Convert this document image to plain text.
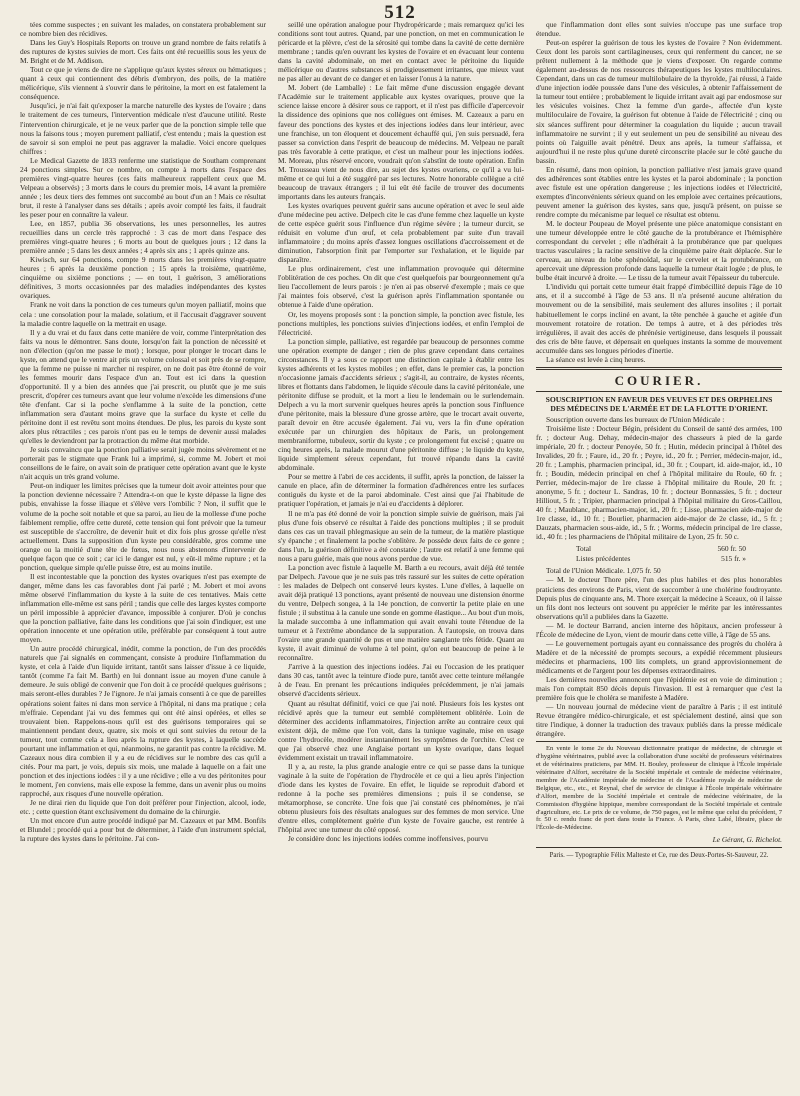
512

tées comme suspectes ; en suivant les malades, on constatera probablement sur ce nombre bien des récidives.

Dans les Guy's Hospitals Reports on trouve un grand nombre de faits relatifs à des ruptures de kystes suivies de mort. Ces faits ont été recueillis sous les yeux de M. Bright et de M. Addison.

Tout ce que je viens de dire ne s'applique qu'aux kystes séreux ou hématiques ; quant à ceux qui contiennent des débris d'embryon, des poils, de la matière mélicérique, s'ils viennent à s'ouvrir dans le péritoine, la mort en est fatalement la conséquence.

Jusqu'ici, je n'ai fait qu'exposer la marche naturelle des kystes de l'ovaire ; dans le traitement de ces tumeurs, l'intervention médicale n'est d'aucune utilité. Reste l'intervention chirurgicale, et je ne veux parler que de la ponction simple telle que nous la faisons tous ; moyen purement palliatif, c'est entendu ; mais la question est de savoir si son emploi ne peut pas aggraver la maladie. Voici encore quelques chiffres :

Le Medical Gazette de 1833 renferme une statistique de Southam comprenant 24 ponctions simples. Sur ce nombre, on compte à morts dans l'espace des premières vingt-quatre heures (ces faits malheureux rappellent ceux que M. Velpeau a observés) ; 3 morts dans le cours du premier mois, 14 avant la première année ; les deux tiers des femmes ont succombé au bout d'un an ! Mais ce résultat brut, il reste à l'analyser dans ses détails ; après avoir compté les faits, il faudrait les peser pour en connaître la valeur.

Lee, en 1857, publia 36 observations, les unes personnelles, les autres recueillies dans un cercle très rapproché : 3 cas de mort dans l'espace des premières vingt-quatre heures ; 6 morts au bout de quelques jours ; 12 dans la première année ; 5 dans les deux années ; 4 après six ans ; 1 après quinze ans.

Kiwisch, sur 64 ponctions, compte 9 morts dans les premières vingt-quatre heures ; 6 après la deuxième ponction ; 15 après la troisième, quatrième, cinquième ou sixième ponctions ; — en tout, 1 guérison, 3 améliorations définitives, 3 morts occasionnées par des maladies indépendantes des kystes ovariques.

Frank ne voit dans la ponction de ces tumeurs qu'un moyen palliatif, moins que cela : une consolation pour la malade, solatium, et il l'accusait d'aggraver souvent la maladie contre laquelle on la mettrait en usage.

Il y a du vrai et du faux dans cette manière de voir, comme l'interprétation des faits va nous le démontrer. Sans doute, lorsqu'on fait la ponction de nécessité et non d'élection (qu'on me passe le mot) ; lorsque, pour plonger le trocart dans le kyste, on attend que le ventre ait pris un volume colossal et soit près de se rompre, que la femme ne puisse ni marcher ni respirer, on ne doit pas être étonné de voir les femmes mourir dans l'espace d'un an. Tout est ici dans la question d'opportunité. Il y a bien des années que j'ai prescrit, ou plutôt que je me suis prescrit, d'opérer ces tumeurs avant que leur volume n'excède les dimensions d'une tête d'enfant. Car si la poche s'enflamme à la suite de la ponction, cette inflammation sera d'autant moins grave que la surface du kyste et celle du péritoine dont il est revêtu sont moins étendues. De plus, les parois du kyste sont alors plus rétractiles ; ces parois n'ont pas eu le temps de devenir aussi malades qu'elles le deviendront par la protraction du même état morbide.

Je suis convaincu que la ponction palliative serait jugée moins sévèrement et ne porterait pas le stigmate que Frank lui a imprimé, si, comme M. Jobert et moi conseillons de le faire, on avait soin de pratiquer cette opération avant que le kyste n'ait acquis un très grand volume.

Peut-on indiquer les limites précises que la tumeur doit avoir atteintes pour que la ponction devienne nécessaire ? Attendra-t-on que le kyste dépasse la ligne des pubis, envahisse la fosse iliaque et s'élève vers l'ombilic ? Non, il suffit que le volume de la poche soit notable et que sa paroi, au lieu de la mollesse d'une poche faiblement remplie, offre cette dureté, cette tension qui font prévoir que la tumeur est susceptible de s'accroître, de devenir huit et dix fois plus grosse qu'elle n'est actuellement. Dans la supposition d'un kyste peu considérable, gros comme une orange ou la moitié d'une tête de fœtus, nous nous abstenons d'intervenir de quelque façon que ce soit ; car ici le danger est nul, y eût-il même rupture ; et la ponction, quelque simple qu'elle puisse être, est au moins inutile.

Il est incontestable que la ponction des kystes ovariques n'est pas exempte de danger, même dans les cas favorables dont j'ai parlé ; M. Jobert et moi avons même observé l'inflammation du kyste à la suite de ces tentatives. Mais cette inflammation elle-même est sans péril ; tandis que celle des larges kystes comporte un péril impossible à apprécier d'avance, impossible à conjurer. D'où je conclus que la ponction palliative, faite dans les conditions que j'ai soin d'indiquer, est une opération innocente et une opération utile, préférable par conséquent à tout autre moyen.

Un autre procédé chirurgical, inédit, comme la ponction, de l'un des procédés naturels que j'ai signalés en commençant, consiste à produire l'inflammation du kyste, et cela à l'aide d'un liquide irritant, tantôt sans laisser d'issue à ce liquide, tantôt (comme l'a fait M. Barth) en lui donnant issue au moyen d'une canule à demeure. Je suis obligé de convenir que l'on doit à ce procédé quelques guérisons ; mais seront-elles durables ? Je l'ignore. Je n'ai jamais consenti à ce que de pareilles opérations soient faites ni dans mon service à l'hôpital, ni dans ma pratique ; cela m'effraie. Cependant j'ai vu des femmes qui ont été ainsi opérées, et elles se trouvaient bien. Rappelons-nous qu'il est des guérisons temporaires qui se maintiennent pendant deux, quatre, six mois et qui sont suivies du retour de la tumeur, tout comme cela a lieu après la rupture des kystes, à laquelle succède pourtant une inflammation et qui, néanmoins, ne garantit pas contre la récidive. M. Cazeaux nous dira combien il y a eu de récidives sur le nombre des cas qu'il a cités. Pour ma part, je vois, depuis six mois, une malade à laquelle on a fait une ponction et des injections iodées : il y a une récidive ; elle a vu des péritonites pour le moment, j'en conviens, mais elle expose la femme, dans un avenir plus ou moins rapproché, aux risques d'une nouvelle opération.

Je ne dirai rien du liquide que l'on doit préférer pour l'injection, alcool, iode, etc. ; cette question étant exclusivement du domaine de la chirurgie.

Un mot encore d'un autre procédé indiqué par M. Cazeaux et par MM. Bonfils et Blundel ; procédé qui a pour but de déterminer, à l'aide d'un instrument spécial, la rupture des kystes dans le péritoine. J'ai con-

seillé une opération analogue pour l'hydropéricarde ; mais remarquez qu'ici les conditions sont tout autres. Quand, par une ponction, on met en communication le péricarde et la plèvre, c'est de la sérosité qui tombe dans la cavité de cette dernière membrane ; tandis qu'en ouvrant les kystes de l'ovaire et en évacuant leur contenu dans la cavité abdominale, on met en contact avec le péritoine du liquide mélicérique ou d'autres substances si prodigieusement irritantes, que mieux vaut ne pas aller au devant de ce danger et en laisser l'onus à la nature.

M. Jobert (de Lamballe) : Le fait même d'une discussion engagée devant l'Académie sur le traitement applicable aux kystes ovariques, prouve que la science laisse encore à désirer sous ce rapport, et il n'est pas difficile d'apercevoir la dissidence des opinions que nos collègues ont émises. M. Cazeaux a paru en faveur des ponctions des kystes et des injections iodées dans leur intérieur, avec une franchise, un ton éloquent et doucement échauffé qui, j'en suis persuadé, fera passer sa conviction dans l'esprit de beaucoup de médecins. M. Velpeau ne paraît pas très favorable à cette pratique, et c'est un malheur pour les injections iodées. M. Moreau, plus réservé encore, voudrait qu'on s'abstînt de toute opération. Enfin M. Trousseau vient de nous dire, au sujet des kystes ovariens, ce qu'il a vu lui-même et ce qui lui a été suggéré par ses lectures. Notre honorable collègue a cité beaucoup de travaux étrangers ; il lui eût été facile de trouver des documents importants dans les auteurs français.

Les kystes ovariques peuvent guérir sans aucune opération et avec le seul aide d'une médecine peu active. Delpech cite le cas d'une femme chez laquelle un kyste de cette espèce guérit sous l'influence d'un régime sévère ; la tumeur durcit, se réduisit en volume d'un œuf, et cela probablement par suite d'un travail inflammatoire ; du moins après d'assez longues oscillations d'accroissement et de diminution, l'absorption finit par l'emporter sur l'exhalation, et le liquide par disparaître.

Le plus ordinairement, c'est une inflammation provoquée qui détermine l'oblitération de ces poches. On dit que c'est quelquefois par bourgeonnement qu'a lieu l'accollement de leurs parois : je n'en ai pas observé d'exemple ; mais ce que j'ai maintes fois observé, c'est la guérison après l'inflammation spontanée ou obtenue à l'aide d'une opération.

Or, les moyens proposés sont : la ponction simple, la ponction avec fistule, les ponctions multiples, les ponctions suivies d'injections iodées, et enfin l'emploi de l'électricité.

La ponction simple, palliative, est regardée par beaucoup de personnes comme une opération exempte de danger ; rien de plus grave cependant dans certaines circonstances. Il y a sous ce rapport une distinction capitale à établir entre les kystes adhérents et les kystes mobiles ; en effet, dans le premier cas, la ponction n'occasionne jamais d'accidents sérieux ; s'agit-il, au contraire, de kystes récents, libres et flottants dans l'abdomen, le liquide s'écoule dans la cavité péritonéale, une péritonite diffuse se produit, et la mort a lieu le lendemain ou le surlendemain. Delpech a vu la mort survenir quelques heures après la ponction sous l'influence d'une péritonite, mais la blessure d'une grosse artère, que le trocart avait ouverte, paraît devoir en être accusée également. J'ai vu, vers la fin d'une opération exécutée par un chirurgien des hôpitaux de Paris, un prolongement membraniforme, tubuleux, sortir du kyste ; ce prolongement fut excisé ; quatre ou cinq heures après, la malade mourut d'une péritonite diffuse ; le liquide du kyste, liquide simplement séreux cependant, fut trouvé répandu dans la cavité abdominale.

Pour se mettre à l'abri de ces accidents, il suffit, après la ponction, de laisser la canule en place, afin de déterminer la formation d'adhérences entre les surfaces contiguës du kyste et de la paroi abdominale. C'est ainsi que j'ai l'habitude de pratiquer l'opération, et jamais je n'ai eu d'accidents à déplorer.

Il ne m'a pas été donné de voir la ponction simple suivie de guérison, mais j'ai plus d'une fois observé ce résultat à l'aide des ponctions multiples ; il se produit dans ces cas un travail phlegmasique au sein de la tumeur, de la matière plastique s'y épanche ; et finalement la poche s'oblitère. Je possède deux faits de ce genre ; dans l'un, la guérison définitive a été constatée ; l'autre est relatif à une femme qui nous a paru guérie, mais que nous avons perdue de vue.

La ponction avec fistule à laquelle M. Barth a eu recours, avait déjà été tentée par Delpech. J'avoue que je ne suis pas très rassuré sur les suites de cette opération : les malades de Delpech ont conservé leurs kystes. L'une d'elles, à laquelle on avait déjà pratiqué 13 ponctions, ayant présenté de nouveau une distension énorme du ventre, Delpech songea, à la 14e ponction, de convertir la petite plaie en une fistule ; il substitua à la canule une sonde en gomme élastique... Au bout d'un mois, la malade succomba à une inflammation qui avait envahi toute l'étendue de la tumeur et à l'extrême abondance de la suppuration. À l'autopsie, on trouva dans l'ovaire une grande quantité de pus et une matière sanglante très fétide. Quant au kyste, il avait diminué de volume à tel point, qu'on eut beaucoup de peine à le reconnaître.

J'arrive à la question des injections iodées. J'ai eu l'occasion de les pratiquer dans 30 cas, tantôt avec la teinture d'iode pure, tantôt avec cette teinture mélangée à de l'eau. En prenant les précautions indiquées précédemment, je n'ai jamais observé d'accidents sérieux.

Quant au résultat définitif, voici ce que j'ai noté. Plusieurs fois les kystes ont récidivé après que la tumeur eut semblé complètement oblitérée. Loin de déterminer des accidents inflammatoires, l'injection arrête au contraire ceux qui existent déjà, de même que l'on voit, dans la tunique vaginale, mise en usage contre l'hydrocèle, modérer instantanément les symptômes de l'orchite. C'est ce que j'ai observé chez une Anglaise portant un kyste ovarique, dans lequel évidemment existait un travail inflammatoire.

Il y a, au reste, la plus grande analogie entre ce qui se passe dans la tunique vaginale à la suite de l'opération de l'hydrocèle et ce qui a lieu après l'injection d'iode dans les kystes de l'ovaire. En effet, le liquide se reproduit d'abord et redonne à la poche ses premières dimensions ; puis il se condense, se métamorphose, se concrète. Une fois que j'ai constaté ces phénomènes, je n'ai obtenu plusieurs fois des résultats analogues sur des femmes de mon service. Une d'entre elles, complètement guérie d'un kyste de l'ovaire gauche, est rentrée à l'hôpital avec une tumeur du côté opposé.

Je considère donc les injections iodées comme inoffensives, pourvu

que l'inflammation dont elles sont suivies n'occupe pas une surface trop étendue.

Peut-on espérer la guérison de tous les kystes de l'ovaire ? Non évidemment. Ceux dont les parois sont cartilagineuses, ceux qui renferment du cancer, ne se prêtent nullement à la méthode que je viens d'exposer. On regarde comme également au-dessus de nos ressources thérapeutiques les kystes multiloculaires. Cependant, dans un cas de tumeur multilobulaire de la thyroïde, j'ai réussi, à l'aide d'une injection iodée poussée dans l'une des vésicules, à obtenir l'affaissement de la tumeur tout entière ; probablement le liquide irritant avait agi par endosmose sur les vésicules voisines. Chez la femme d'un garde-, affectée d'un kyste multiloculaire de l'ovaire, la guérison fut obtenue à l'aide de l'électricité ; cinq ou six séances suffirent pour déterminer la coagulation du liquide ; aucun travail inflammatoire ne survint ; il y eut seulement un peu de sensibilité au niveau des points où l'aiguille avait pénétré. Deux ans après, la tumeur s'affaissa, et aujourd'hui il ne reste plus qu'une dureté circonscrite placée sur le côté gauche du bassin.

En résumé, dans mon opinion, la ponction palliative n'est jamais grave quand des adhérences sont établies entre les kystes et la paroi abdominale ; la ponction avec fistule est une opération dangereuse ; les injections iodées et l'électricité, exemptes d'inconvénients sérieux quand on les emploie avec certaines précautions, peuvent amener la guérison des kystes, sans que, jusqu'à présent, on puisse se rendre compte du mécanisme par lequel ce résultat est obtenu.

M. le docteur Poupeau de Moyel présente une pièce anatomique consistant en une tumeur développée entre le côté gauche de la protubérance et l'hémisphère correspondant du cervelet ; elle n'adhérait à la protubérance que par quelques tractus vasculaires ; la racine sensitive de la cinquième paire était déplacée. Sur le cerveau, au niveau du lobe sphénoïdal, sur le cervelet et la protubérance, on apercevait une dépression profonde dans laquelle la tumeur était logée ; de plus, le bulbe était incurvé à droite. — Le tissu de la tumeur avait l'épaisseur du tubercule.

L'individu qui portait cette tumeur était frappé d'imbécillité depuis l'âge de 10 ans, et il a succombé à l'âge de 53 ans. Il n'a présenté aucune altération du mouvement ou de la sensibilité, mais seulement des allures insolites ; il portait habituellement le corps incliné en avant, la tête penchée à gauche et agitée d'un mouvement rotatoire de rotation. De temps à autre, et à des périodes très irrégulières, il avait des accès de phrénésie vertigineuse, dans lesquels il poussait des cris de bête fauve, et dépensait en quelques instants la somme de mouvement accumulée dans ses longues périodes d'inertie.

La séance est levée à cinq heures.

COURIER.
SOUSCRIPTION EN FAVEUR DES VEUVES ET DES ORPHELINS DES MÉDECINS DE L'ARMÉE ET DE LA FLOTTE D'ORIENT.

Souscription ouverte dans les bureaux de l'Union Médicale :

Troisième liste : Docteur Bégin, président du Conseil de santé des armées, 100 fr. ; docteur Aug. Dehay, médecin-major des chasseurs à pied de la garde impériale, 20 fr. ; docteur Penoyée, 50 fr. ; Hutin, médecin principal à l'hôtel des Invalides, 20 fr. ; Faure, id., 20 fr. ; Peyre, id., 20 fr. ; Perrier, médecin-major, id., 20 fr. ; Lamphis, pharmacien principal, id., 30 fr. ; Coupart, id. aide-major, id., 10 fr. ; Boudin, médecin principal en chef à l'hôpital militaire du Roule, 60 fr. ; Perrier, médecin-major de 1re classe à l'hôpital militaire du Roule, 20 fr. ; anonyme, 5 fr. ; docteur L. Sandras, 10 fr. ; docteur Bonnassies, 5 fr. ; docteur Hilliout, 5 fr. ; Tripier, pharmacien principal à l'hôpital militaire du Gros-Caillou, 40 fr. ; Maublanc, pharmacien-major, id., 20 fr. ; Lisse, pharmacien aide-major de 1re classe, id., 10 fr. ; Bourlier, pharmacien aide-major de 2e classe, id., 5 fr. ; Dauzats, pharmacien sous-aide, id., 5 fr. ; Worms, médecin principal de 1re classe, id., 40 fr. ; les pharmaciens de l'hôpital militaire de Lyon, 25 fr. 50 c.

Total	560 fr. 50
Listes précédentes	515 fr. »

Total de l'Union Médicale. 1,075 fr. 50

— M. le docteur Thore père, l'un des plus habiles et des plus honorables praticiens des environs de Paris, vient de succomber à une cholérine foudroyante. Depuis plus de cinquante ans, M. Thore exerçait la médecine à Sceaux, où il laisse un fils dont nos lecteurs ont souvent pu apprécier le mérite par les intéressantes observations qu'il a publiées dans la Gazette.

— M. le docteur Barrand, ancien interne des hôpitaux, ancien professeur à l'École de médecine de Lyon, vient de mourir dans cette ville, à l'âge de 55 ans.

— Le gouvernement portugais ayant eu connaissance des progrès du choléra à Madère et de la nécessité de prompts secours, a expédié récemment plusieurs médecins et pharmaciens, 100 lits complets, un grand approvisionnement de médicaments et de l'argent pour les dépenses extraordinaires.

Les dernières nouvelles annoncent que l'épidémie est en voie de diminution ; mais l'on comptait 850 décès depuis l'invasion. Il est à remarquer que c'est la première fois que le choléra se manifeste à Madère.

— Un nouveau journal de médecine vient de paraître à Paris ; il est intitulé Revue étrangère médico-chirurgicale, et est spécialement destiné, ainsi que son titre l'indique, à donner la traduction des travaux publiés dans la presse médicale étrangère.

En vente le tome 2e du Nouveau dictionnaire pratique de médecine, de chirurgie et d'hygiène vétérinaires, publié avec la collaboration d'une société de professeurs vétérinaires et de vétérinaires praticiens, par MM. H. Bouley, professeur de clinique à l'École impériale vétérinaire d'Alfort, secrétaire de la Société impériale et centrale de médecine vétérinaire, membre de l'Académie impériale de médecine et de l'Académie royale de médecine de Belgique, etc., etc., et Reynal, chef de service de clinique à l'École impériale vétérinaire d'Alfort, membre de la Société impériale et centrale de médecine vétérinaire, de la Commission d'hygiène hippique, membre correspondant de la Société impériale et centrale d'agriculture, etc. Le prix de ce volume, de 750 pages, est le même que celui du précédent, 7 fr. 50 c. rendu franc de port dans toute la France. À Paris, chez Labé, libraire, place de l'École-de-Médecine.

Le Gérant, G. Richelot.
Paris. — Typographie Félix Malteste et Ce, rue des Deux-Portes-St-Sauveur, 22.
